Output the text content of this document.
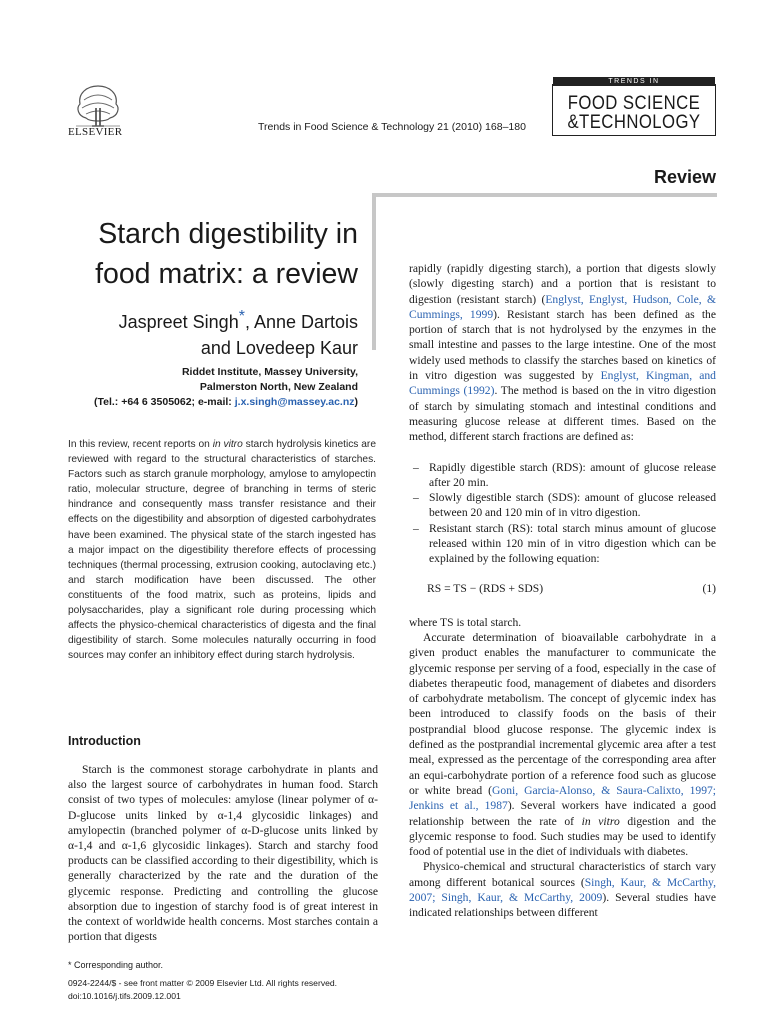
ELSEVIER	Trends in Food Science & Technology 21 (2010) 168–180
TRENDS IN
FOOD SCIENCE
&TECHNOLOGY
Review
Starch digestibility in
food matrix: a review
Jaspreet Singh*, Anne Dartois
and Lovedeep Kaur
Riddet Institute, Massey University,
Palmerston North, New Zealand
(Tel.: +64 6 3505062; e-mail: j.x.singh@massey.ac.nz)
In this review, recent reports on in vitro starch hydrolysis kinetics are reviewed with regard to the structural characteristics of starches. Factors such as starch granule morphology, amylose to amylopectin ratio, molecular structure, degree of branching in terms of steric hindrance and consequently mass transfer resistance and their effects on the digestibility and absorption of digested carbohydrates have been examined. The physical state of the starch ingested has a major impact on the digestibility therefore effects of processing techniques (thermal processing, extrusion cooking, autoclaving etc.) and starch modification have been discussed. The other constituents of the food matrix, such as proteins, lipids and polysaccharides, play a significant role during processing which affects the physico-chemical characteristics of digesta and the final digestibility of starch. Some molecules naturally occurring in food sources may confer an inhibitory effect during starch hydrolysis.
Introduction
Starch is the commonest storage carbohydrate in plants and also the largest source of carbohydrates in human food. Starch consist of two types of molecules: amylose (linear polymer of α-D-glucose units linked by α-1,4 glycosidic linkages) and amylopectin (branched polymer of α-D-glucose units linked by α-1,4 and α-1,6 glycosidic linkages). Starch and starchy food products can be classified according to their digestibility, which is generally characterized by the rate and the duration of the glycemic response. Predicting and controlling the glucose absorption due to ingestion of starchy food is of great interest in the context of worldwide health concerns. Most starches contain a portion that digests
* Corresponding author.
0924-2244/$ - see front matter © 2009 Elsevier Ltd. All rights reserved.
doi:10.1016/j.tifs.2009.12.001

rapidly (rapidly digesting starch), a portion that digests slowly (slowly digesting starch) and a portion that is resistant to digestion (resistant starch) (Englyst, Englyst, Hudson, Cole, & Cummings, 1999). Resistant starch has been defined as the portion of starch that is not hydrolysed by the enzymes in the small intestine and passes to the large intestine. One of the most widely used methods to classify the starches based on kinetics of in vitro digestion was suggested by Englyst, Kingman, and Cummings (1992). The method is based on the in vitro digestion of starch by simulating stomach and intestinal conditions and measuring glucose release at different times. Based on the method, different starch fractions are defined as:

– Rapidly digestible starch (RDS): amount of glucose release after 20 min.
– Slowly digestible starch (SDS): amount of glucose released between 20 and 120 min of in vitro digestion.
– Resistant starch (RS): total starch minus amount of glucose released within 120 min of in vitro digestion which can be explained by the following equation:
RS = TS − (RDS + SDS)	(1)

where TS is total starch.

Accurate determination of bioavailable carbohydrate in a given product enables the manufacturer to communicate the glycemic response per serving of a food, especially in the case of diabetes therapeutic food, management of diabetes and disorders of carbohydrate metabolism. The concept of glycemic index has been introduced to classify foods on the basis of their postprandial blood glucose response. The glycemic index is defined as the postprandial incremental glycemic area after a test meal, expressed as the percentage of the corresponding area after an equi-carbohydrate portion of a reference food such as glucose or white bread (Goni, Garcia-Alonso, & Saura-Calixto, 1997; Jenkins et al., 1987). Several workers have indicated a good relationship between the rate of in vitro digestion and the glycemic response to food. Such studies may be used to identify food of potential use in the diet of individuals with diabetes.

Physico-chemical and structural characteristics of starch vary among different botanical sources (Singh, Kaur, & McCarthy, 2007; Singh, Kaur, & McCarthy, 2009). Several studies have indicated relationships between different
